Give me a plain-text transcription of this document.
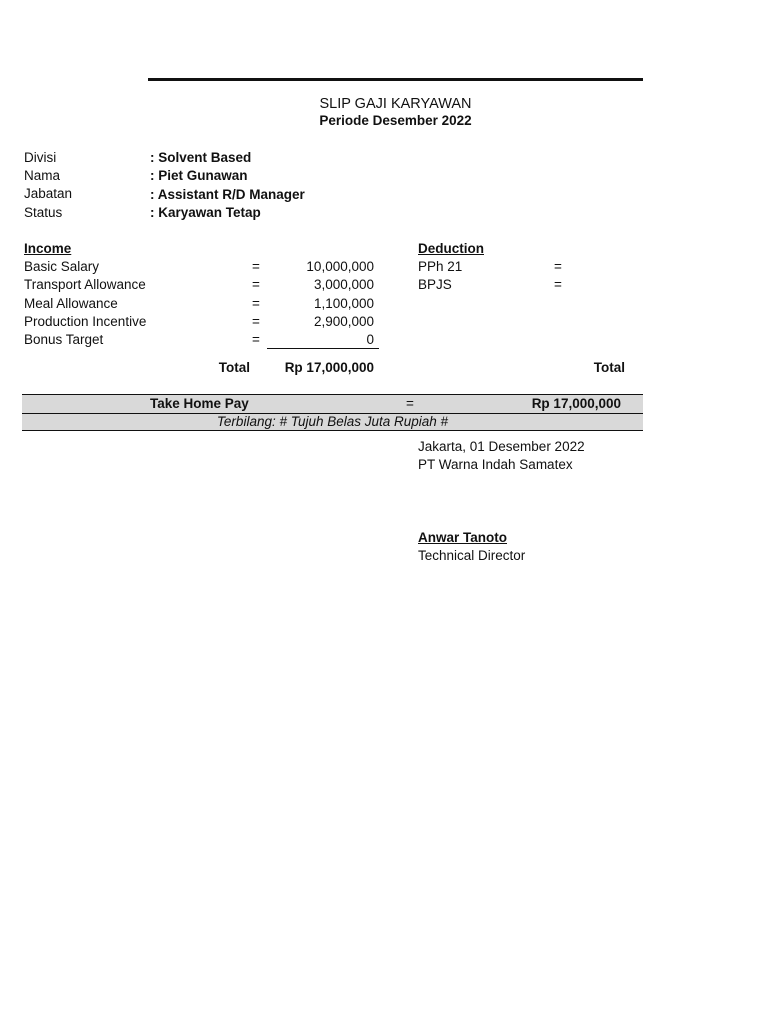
SLIP GAJI KARYAWAN
Periode Desember 2022
Divisi	: Solvent Based
Nama	: Piet Gunawan
Jabatan	: Assistant R/D Manager
Status	: Karyawan Tetap
Income
Basic Salary	=	10,000,000
Transport Allowance	=	3,000,000
Meal Allowance	=	1,100,000
Production Incentive	=	2,900,000
Bonus Target	=	0
Total	Rp 17,000,000
Deduction
PPh 21	=
BPJS	=
Total
Take Home Pay	=	Rp 17,000,000
Terbilang: # Tujuh Belas Juta Rupiah #
Jakarta, 01 Desember 2022
PT Warna Indah Samatex
Anwar Tanoto
Technical Director
